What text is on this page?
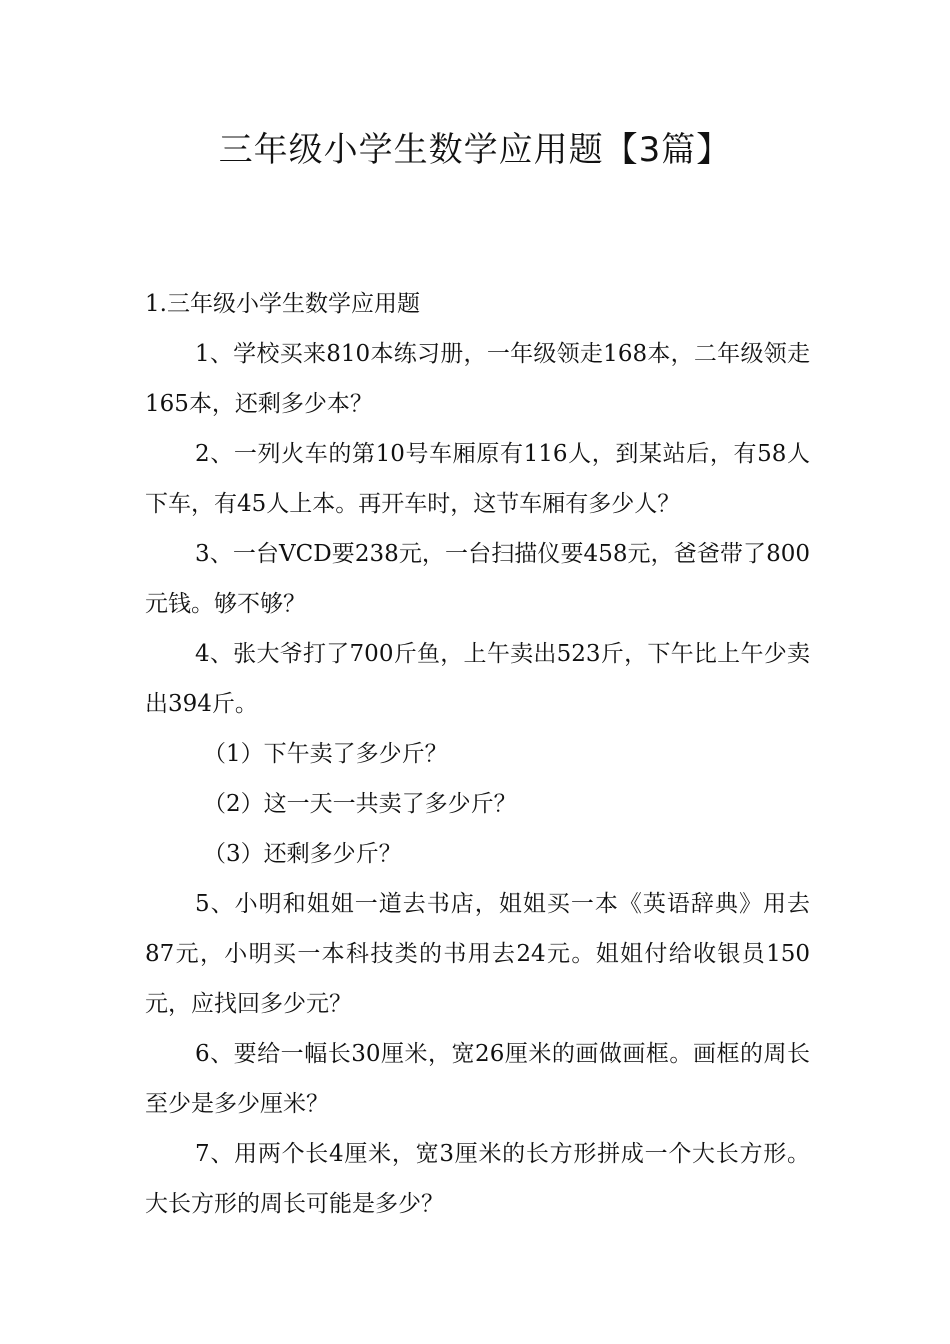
三年级小学生数学应用题【3篇】

1.三年级小学生数学应用题

1、学校买来810本练习册，一年级领走168本，二年级领走165本，还剩多少本？

2、一列火车的第10号车厢原有116人，到某站后，有58人下车，有45人上本。再开车时，这节车厢有多少人？

3、一台VCD要238元，一台扫描仪要458元，爸爸带了800元钱。够不够？

4、张大爷打了700斤鱼，上午卖出523斤，下午比上午少卖出394斤。

（1）下午卖了多少斤？

（2）这一天一共卖了多少斤？

（3）还剩多少斤？

5、小明和姐姐一道去书店，姐姐买一本《英语辞典》用去87元，小明买一本科技类的书用去24元。姐姐付给收银员150元，应找回多少元？

6、要给一幅长30厘米，宽26厘米的画做画框。画框的周长至少是多少厘米？

7、用两个长4厘米，宽3厘米的长方形拼成一个大长方形。大长方形的周长可能是多少？
